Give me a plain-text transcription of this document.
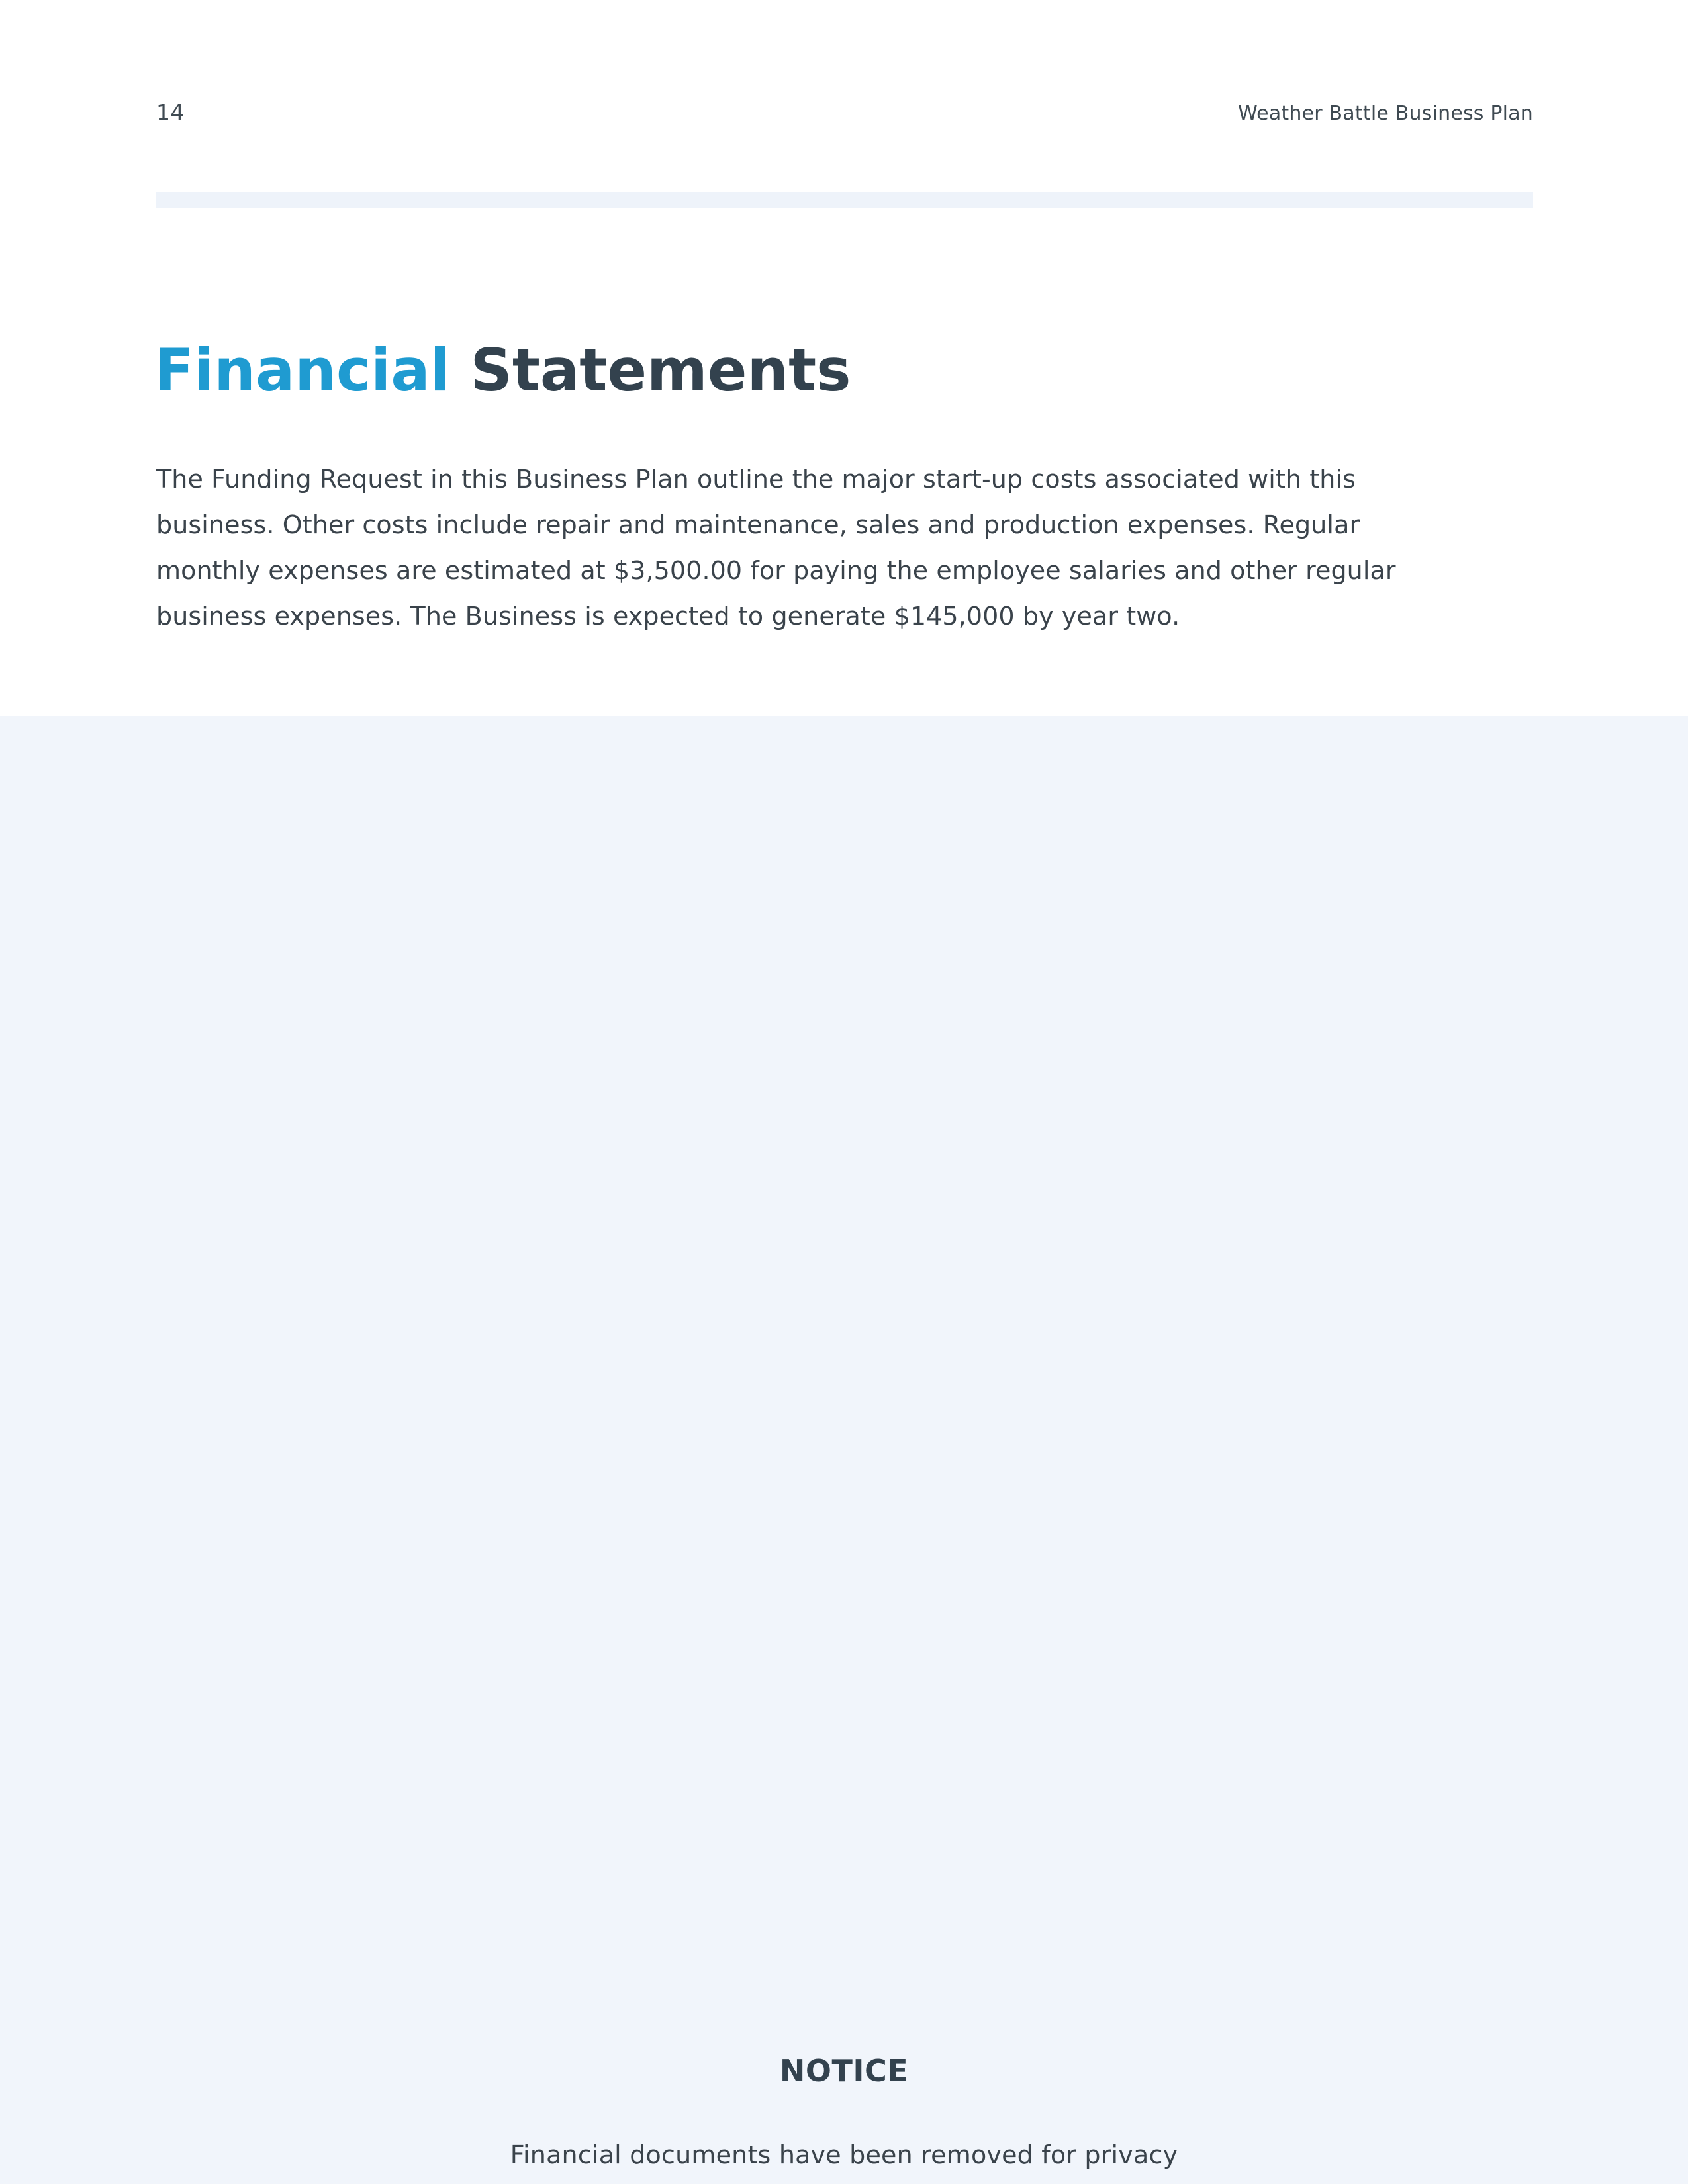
14	Weather Battle Business Plan
Financial Statements

The Funding Request in this Business Plan outline the major start-up costs associated with this business. Other costs include repair and maintenance, sales and production expenses. Regular monthly expenses are estimated at $3,500.00 for paying the employee salaries and other regular business expenses. The Business is expected to generate $145,000 by year two.

NOTICE
Financial documents have been removed for privacy
